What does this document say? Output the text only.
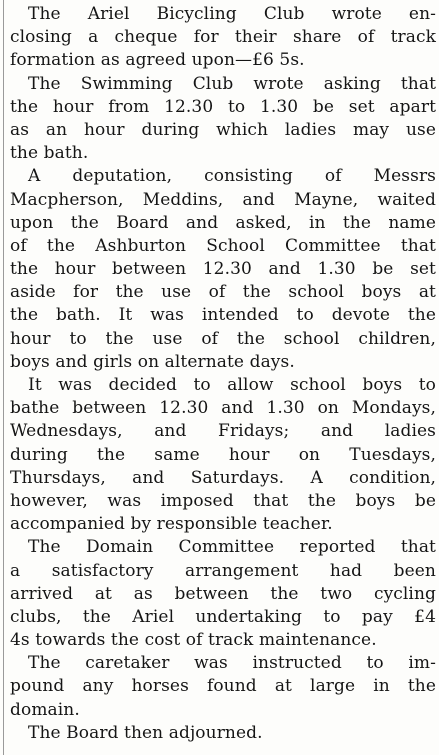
The Ariel Bicycling Club wrote en-
closing a cheque for their share of track
formation as agreed upon—£6 5s.

The Swimming Club wrote asking that
the hour from 12.30 to 1.30 be set apart
as an hour during which ladies may use
the bath.

A deputation, consisting of Messrs
Macpherson, Meddins, and Mayne, waited
upon the Board and asked, in the name
of the Ashburton School Committee that
the hour between 12.30 and 1.30 be set
aside for the use of the school boys at
the bath. It was intended to devote the
hour to the use of the school children,
boys and girls on alternate days.

It was decided to allow school boys to
bathe between 12.30 and 1.30 on Mondays,
Wednesdays, and Fridays; and ladies
during the same hour on Tuesdays,
Thursdays, and Saturdays. A condition,
however, was imposed that the boys be
accompanied by responsible teacher.

The Domain Committee reported that
a satisfactory arrangement had been
arrived at as between the two cycling
clubs, the Ariel undertaking to pay £4
4s towards the cost of track maintenance.

The caretaker was instructed to im-
pound any horses found at large in the
domain.

The Board then adjourned.
